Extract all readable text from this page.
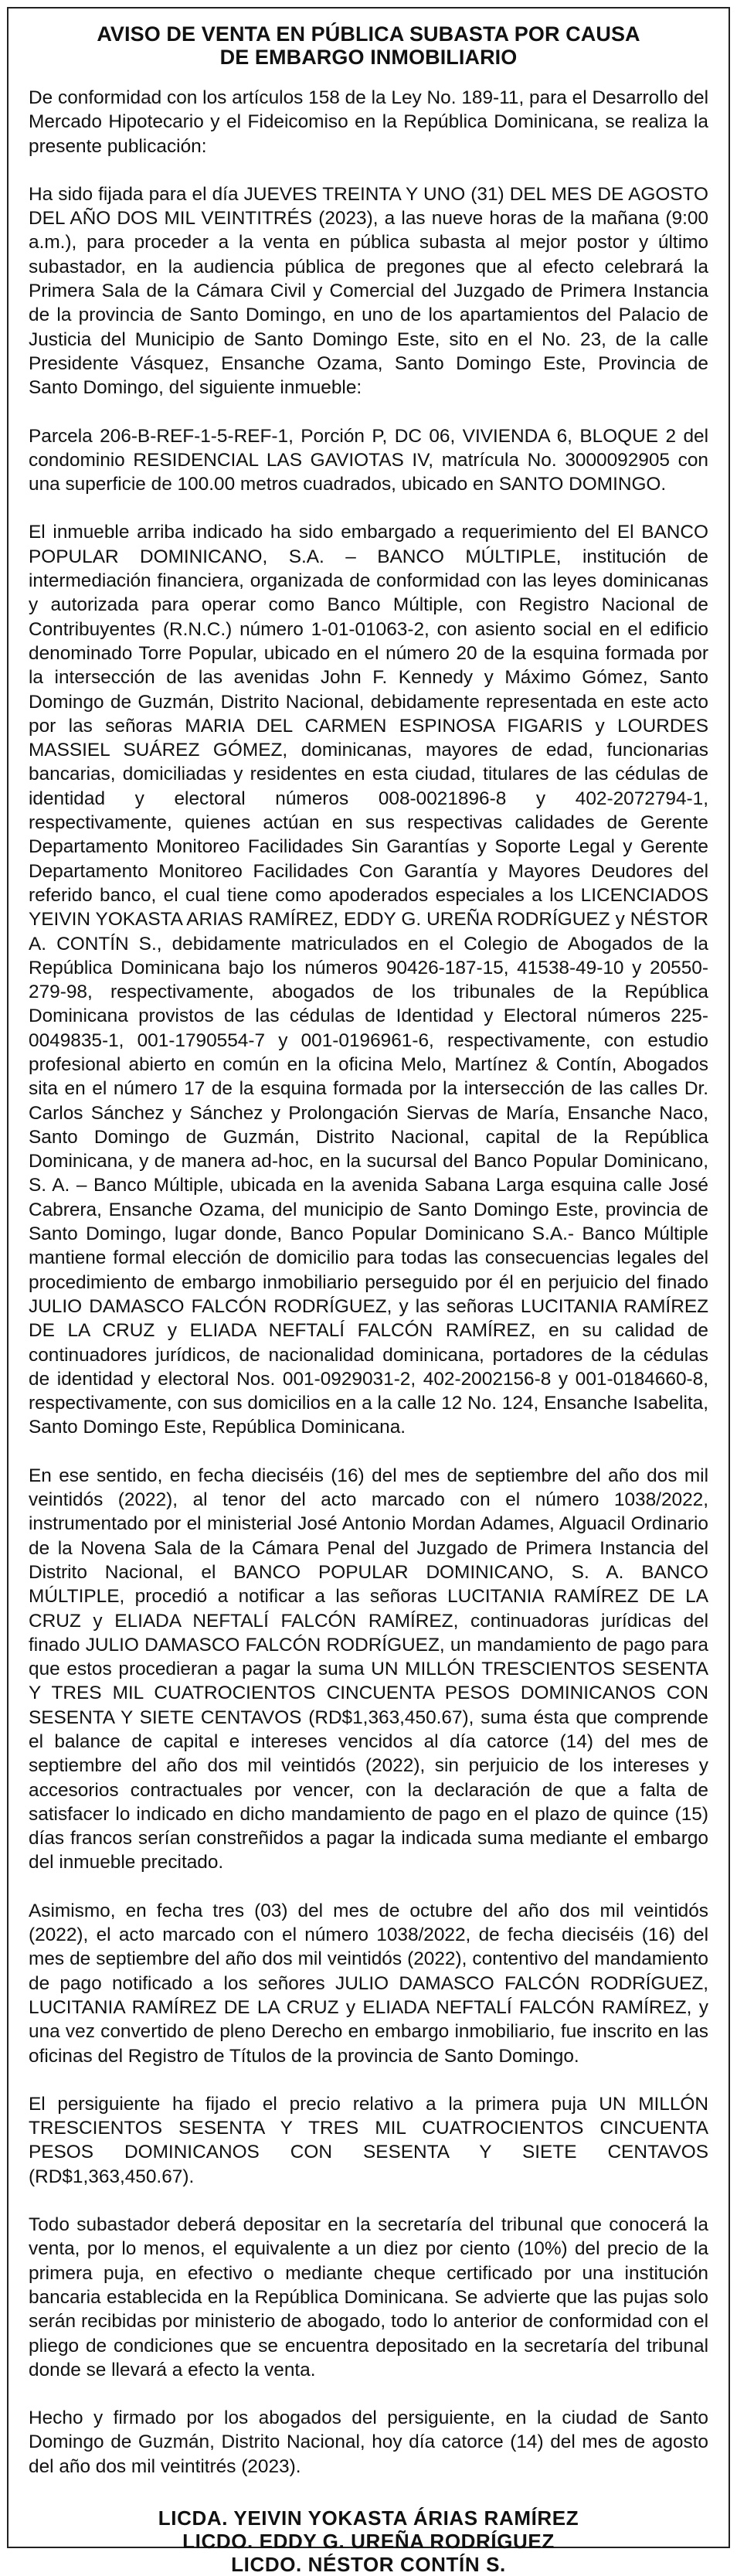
AVISO DE VENTA EN PÚBLICA SUBASTA POR CAUSA
DE EMBARGO INMOBILIARIO

De conformidad con los artículos 158 de la Ley No. 189-11, para el Desarrollo del Mercado Hipotecario y el Fideicomiso en la República Dominicana, se realiza la presente publicación:

Ha sido fijada para el día JUEVES TREINTA Y UNO (31) DEL MES DE AGOSTO DEL AÑO DOS MIL VEINTITRÉS (2023), a las nueve horas de la mañana (9:00 a.m.), para proceder a la venta en pública subasta al mejor postor y último subastador, en la audiencia pública de pregones que al efecto celebrará la Primera Sala de la Cámara Civil y Comercial del Juzgado de Primera Instancia de la provincia de Santo Domingo, en uno de los apartamientos del Palacio de Justicia del Municipio de Santo Domingo Este, sito en el No. 23, de la calle Presidente Vásquez, Ensanche Ozama, Santo Domingo Este, Provincia de Santo Domingo, del siguiente inmueble:

Parcela 206-B-REF-1-5-REF-1, Porción P, DC 06, VIVIENDA 6, BLOQUE 2 del condominio RESIDENCIAL LAS GAVIOTAS IV, matrícula No. 3000092905 con una superficie de 100.00 metros cuadrados, ubicado en SANTO DOMINGO.

El inmueble arriba indicado ha sido embargado a requerimiento del El BANCO POPULAR DOMINICANO, S.A. – BANCO MÚLTIPLE, institución de intermediación financiera, organizada de conformidad con las leyes dominicanas y autorizada para operar como Banco Múltiple, con Registro Nacional de Contribuyentes (R.N.C.) número 1-01-01063-2, con asiento social en el edificio denominado Torre Popular, ubicado en el número 20 de la esquina formada por la intersección de las avenidas John F. Kennedy y Máximo Gómez, Santo Domingo de Guzmán, Distrito Nacional, debidamente representada en este acto por las señoras MARIA DEL CARMEN ESPINOSA FIGARIS y LOURDES MASSIEL SUÁREZ GÓMEZ, dominicanas, mayores de edad, funcionarias bancarias, domiciliadas y residentes en esta ciudad, titulares de las cédulas de identidad y electoral números 008-0021896-8 y 402-2072794-1, respectivamente, quienes actúan en sus respectivas calidades de Gerente Departamento Monitoreo Facilidades Sin Garantías y Soporte Legal y Gerente Departamento Monitoreo Facilidades Con Garantía y Mayores Deudores del referido banco, el cual tiene como apoderados especiales a los LICENCIADOS YEIVIN YOKASTA ARIAS RAMÍREZ, EDDY G. UREÑA RODRÍGUEZ y NÉSTOR A. CONTÍN S., debidamente matriculados en el Colegio de Abogados de la República Dominicana bajo los números 90426-187-15, 41538-49-10 y 20550-279-98, respectivamente, abogados de los tribunales de la República Dominicana provistos de las cédulas de Identidad y Electoral números 225-0049835-1, 001-1790554-7 y 001-0196961-6, respectivamente, con estudio profesional abierto en común en la oficina Melo, Martínez & Contín, Abogados sita en el número 17 de la esquina formada por la intersección de las calles Dr. Carlos Sánchez y Sánchez y Prolongación Siervas de María, Ensanche Naco, Santo Domingo de Guzmán, Distrito Nacional, capital de la República Dominicana, y de manera ad-hoc, en la sucursal del Banco Popular Dominicano, S. A. – Banco Múltiple, ubicada en la avenida Sabana Larga esquina calle José Cabrera, Ensanche Ozama, del municipio de Santo Domingo Este, provincia de Santo Domingo, lugar donde, Banco Popular Dominicano S.A.- Banco Múltiple mantiene formal elección de domicilio para todas las consecuencias legales del procedimiento de embargo inmobiliario perseguido por él en perjuicio del finado JULIO DAMASCO FALCÓN RODRÍGUEZ, y las señoras LUCITANIA RAMÍREZ DE LA CRUZ y ELIADA NEFTALÍ FALCÓN RAMÍREZ, en su calidad de continuadores jurídicos, de nacionalidad dominicana, portadores de la cédulas de identidad y electoral Nos. 001-0929031-2, 402-2002156-8 y 001-0184660-8, respectivamente, con sus domicilios en a la calle 12 No. 124, Ensanche Isabelita, Santo Domingo Este, República Dominicana.

En ese sentido, en fecha dieciséis (16) del mes de septiembre del año dos mil veintidós (2022), al tenor del acto marcado con el número 1038/2022, instrumentado por el ministerial José Antonio Mordan Adames, Alguacil Ordinario de la Novena Sala de la Cámara Penal del Juzgado de Primera Instancia del Distrito Nacional, el BANCO POPULAR DOMINICANO, S. A. BANCO MÚLTIPLE, procedió a notificar a las señoras LUCITANIA RAMÍREZ DE LA CRUZ y ELIADA NEFTALÍ FALCÓN RAMÍREZ, continuadoras jurídicas del finado JULIO DAMASCO FALCÓN RODRÍGUEZ, un mandamiento de pago para que estos procedieran a pagar la suma UN MILLÓN TRESCIENTOS SESENTA Y TRES MIL CUATROCIENTOS CINCUENTA PESOS DOMINICANOS CON SESENTA Y SIETE CENTAVOS (RD$1,363,450.67), suma ésta que comprende el balance de capital e intereses vencidos al día catorce (14) del mes de septiembre del año dos mil veintidós (2022), sin perjuicio de los intereses y accesorios contractuales por vencer, con la declaración de que a falta de satisfacer lo indicado en dicho mandamiento de pago en el plazo de quince (15) días francos serían constreñidos a pagar la indicada suma mediante el embargo del inmueble precitado.

Asimismo, en fecha tres (03) del mes de octubre del año dos mil veintidós (2022), el acto marcado con el número 1038/2022, de fecha dieciséis (16) del mes de septiembre del año dos mil veintidós (2022), contentivo del mandamiento de pago notificado a los señores JULIO DAMASCO FALCÓN RODRÍGUEZ, LUCITANIA RAMÍREZ DE LA CRUZ y ELIADA NEFTALÍ FALCÓN RAMÍREZ, y una vez convertido de pleno Derecho en embargo inmobiliario, fue inscrito en las oficinas del Registro de Títulos de la provincia de Santo Domingo.

El persiguiente ha fijado el precio relativo a la primera puja UN MILLÓN TRESCIENTOS SESENTA Y TRES MIL CUATROCIENTOS CINCUENTA PESOS DOMINICANOS CON SESENTA Y SIETE CENTAVOS (RD$1,363,450.67).

Todo subastador deberá depositar en la secretaría del tribunal que conocerá la venta, por lo menos, el equivalente a un diez por ciento (10%) del precio de la primera puja, en efectivo o mediante cheque certificado por una institución bancaria establecida en la República Dominicana. Se advierte que las pujas solo serán recibidas por ministerio de abogado, todo lo anterior de conformidad con el pliego de condiciones que se encuentra depositado en la secretaría del tribunal donde se llevará a efecto la venta.

Hecho y firmado por los abogados del persiguiente, en la ciudad de Santo Domingo de Guzmán, Distrito Nacional, hoy día catorce (14) del mes de agosto del año dos mil veintitrés (2023).

LICDA. YEIVIN YOKASTA ÁRIAS RAMÍREZ
LICDO. EDDY G. UREÑA RODRÍGUEZ
LICDO. NÉSTOR CONTÍN S.
